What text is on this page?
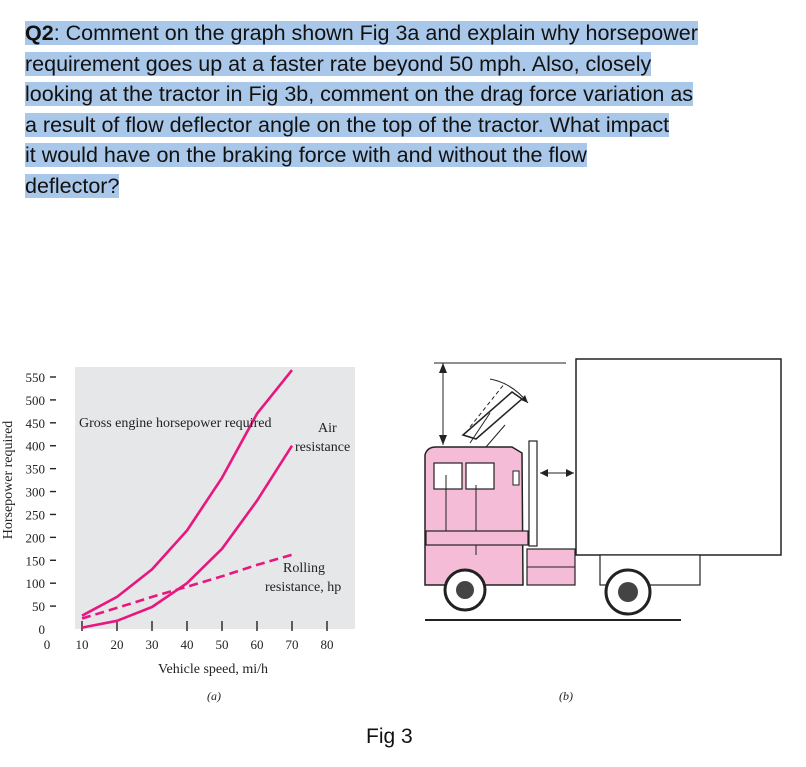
Q2: Comment on the graph shown Fig 3a and explain why horsepower
requirement goes up at a faster rate beyond 50 mph. Also, closely
looking at the tractor in Fig 3b, comment on the drag force variation as
a result of flow deflector angle on the top of the tractor. What impact
it would have on the braking force with and without the flow
deflector?
0
50
100
150
200
250
300
350
400
450
500
550
0 10 20 30 40 50 60 70 80
Horsepower required
Vehicle speed, mi/h
Gross engine horsepower required	Air
resistance
Rolling
resistance, hp
(a)	(b)
Fig 3
